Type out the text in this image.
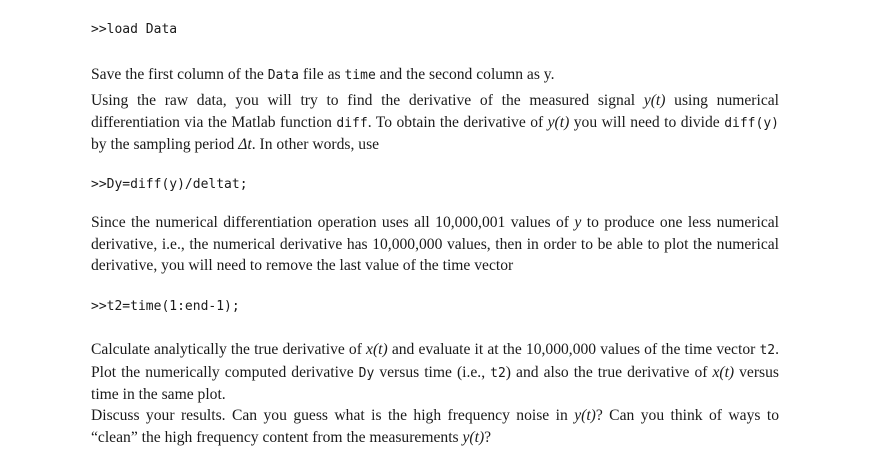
>>load Data
Save the first column of the Data file as time and the second column as y.
Using the raw data, you will try to find the derivative of the measured signal y(t) using numerical differentiation via the Matlab function diff. To obtain the derivative of y(t) you will need to divide diff(y) by the sampling period Δt. In other words, use
>>Dy=diff(y)/deltat;
Since the numerical differentiation operation uses all 10,000,001 values of y to produce one less numerical derivative, i.e., the numerical derivative has 10,000,000 values, then in order to be able to plot the numerical derivative, you will need to remove the last value of the time vector
>>t2=time(1:end-1);
Calculate analytically the true derivative of x(t) and evaluate it at the 10,000,000 values of the time vector t2. Plot the numerically computed derivative Dy versus time (i.e., t2) and also the true derivative of x(t) versus time in the same plot.
Discuss your results. Can you guess what is the high frequency noise in y(t)? Can you think of ways to “clean” the high frequency content from the measurements y(t)?
